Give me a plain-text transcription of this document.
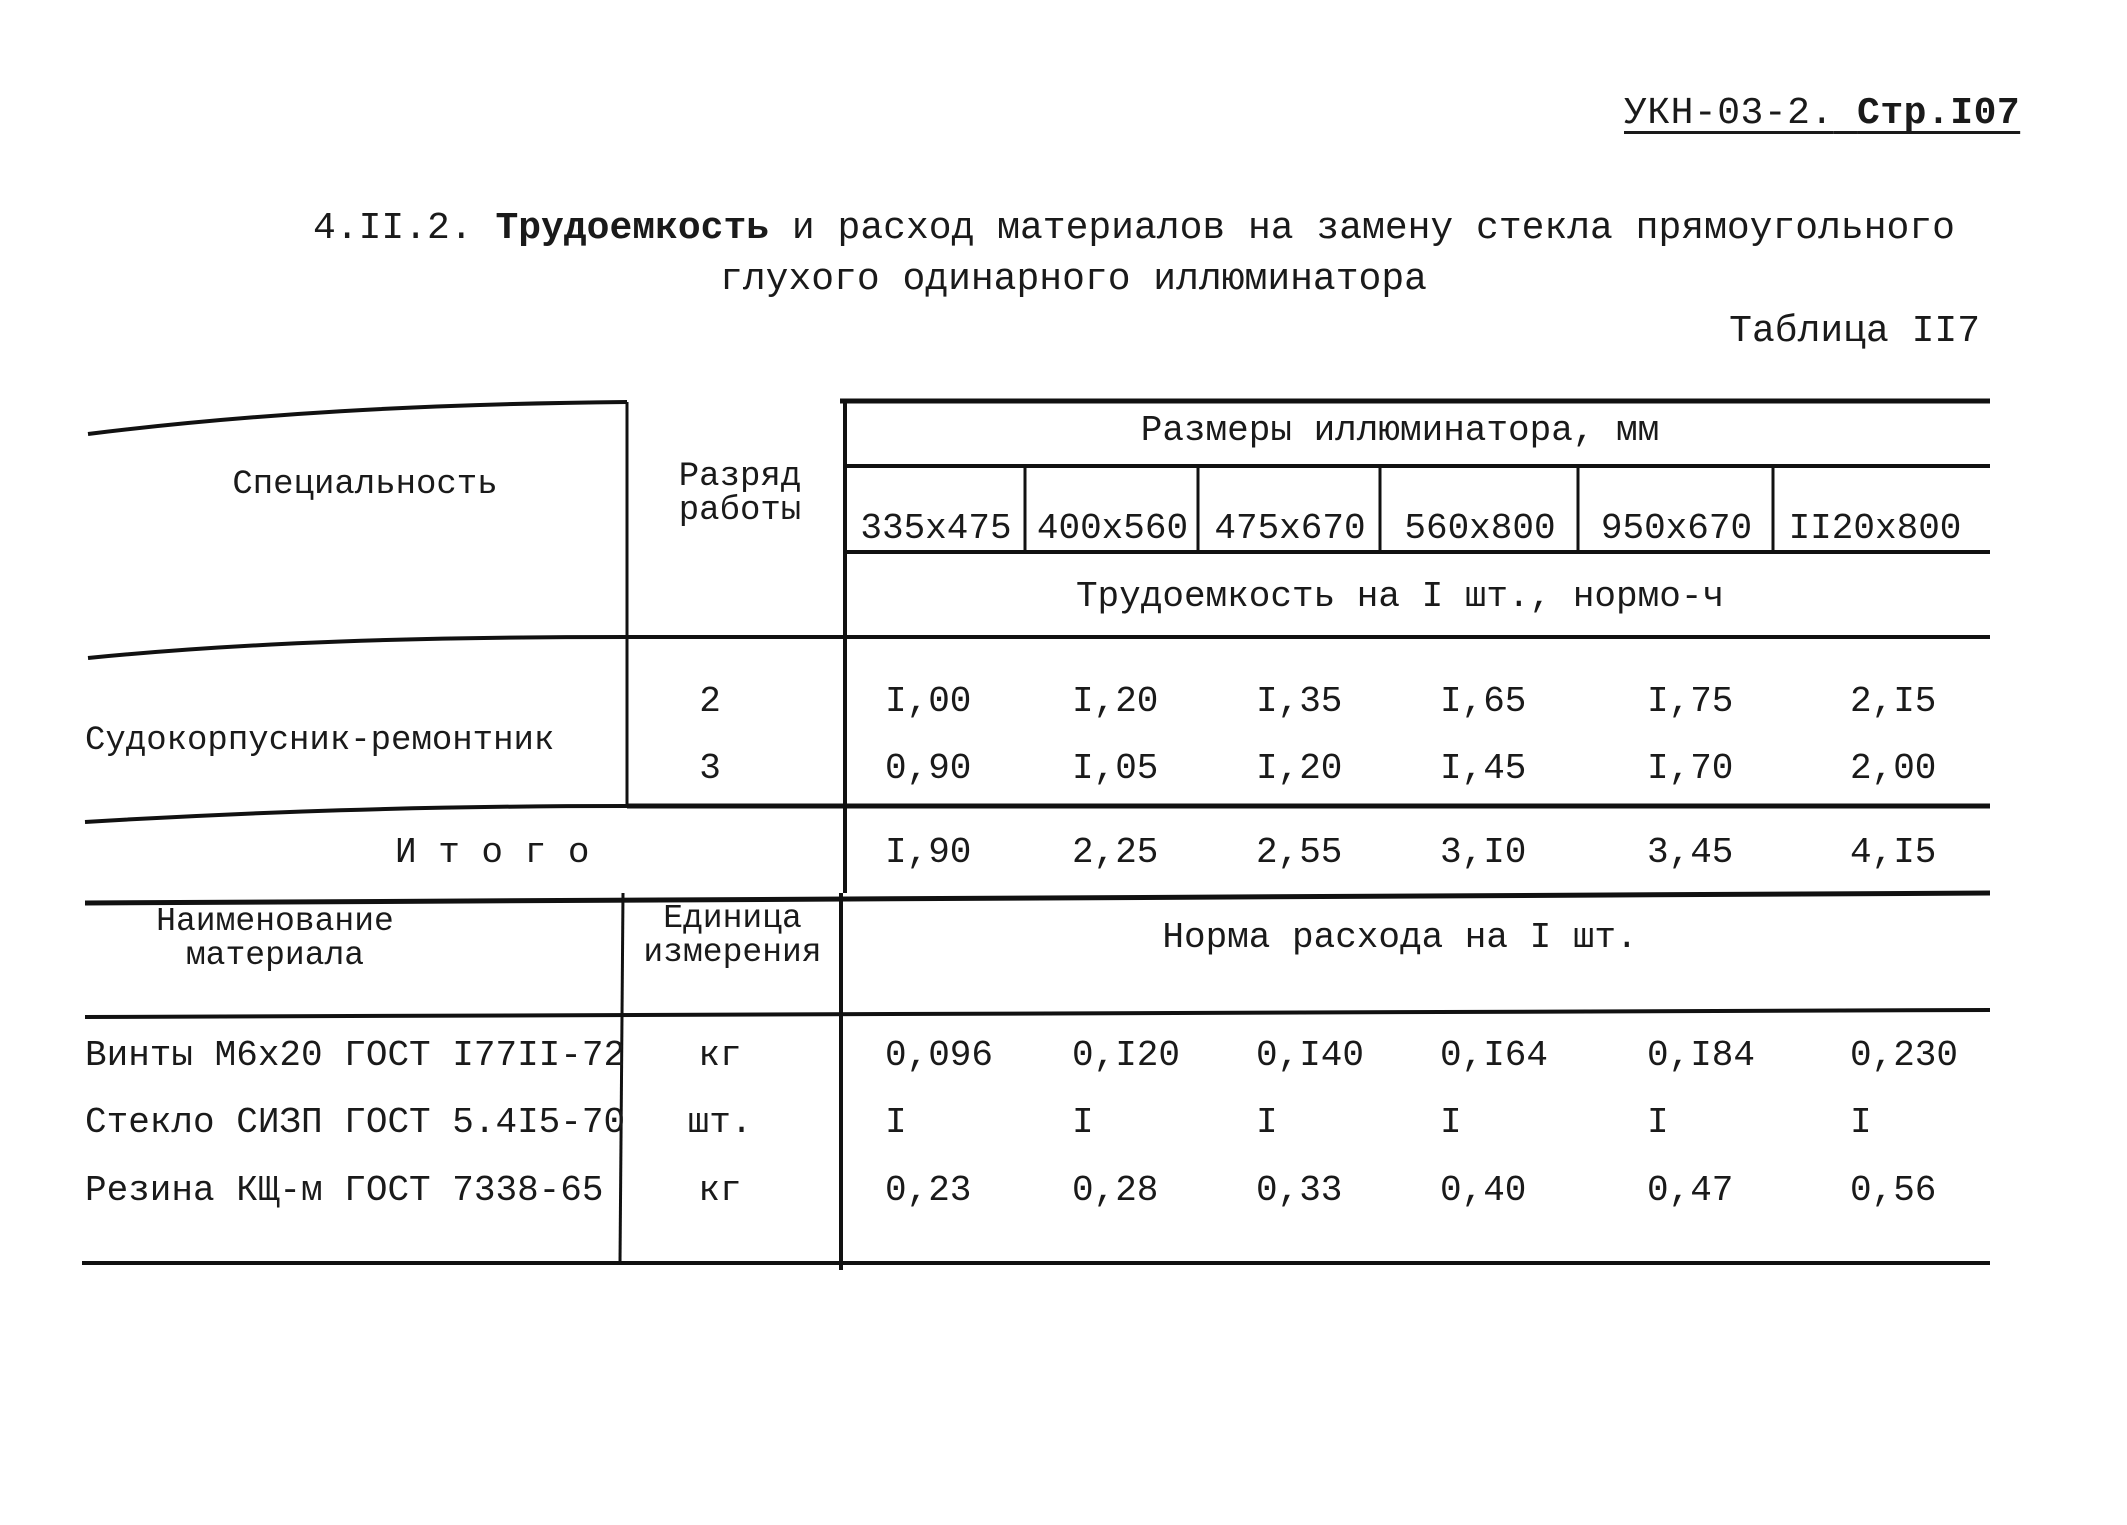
УКН-03-2. Стр.І07
4.ІІ.2. Трудоемкость и расход материалов на замену стекла прямоугольного
глухого одинарного иллюминатора
Таблица ІІ7
Специальность	Разряд
работы
Размеры иллюминатора, мм
335х475 400х560 475х670	560х800	950х670	ІІ20х800
Трудоемкость на І шт., нормо-ч
Судокорпусник-ремонтник
2	І,00	І,20	І,35	І,65	І,75	2,І5
3	0,90	І,05	І,20	І,45	І,70	2,00
И т о г о	І,90	2,25	2,55	3,І0	3,45	4,І5
Наименование
материала
Единица
измерения	Норма расхода на І шт.
Винты М6х20 ГОСТ І77ІІ-72	кг	0,096 0,І20 0,І40 0,І64	0,І84	0,230
Стекло СИЗП ГОСТ 5.4І5-70	шт.	І	І	І	І	І	І
Резина КЩ-м ГОСТ 7338-65	кг	0,23	0,28	0,33	0,40	0,47	0,56
